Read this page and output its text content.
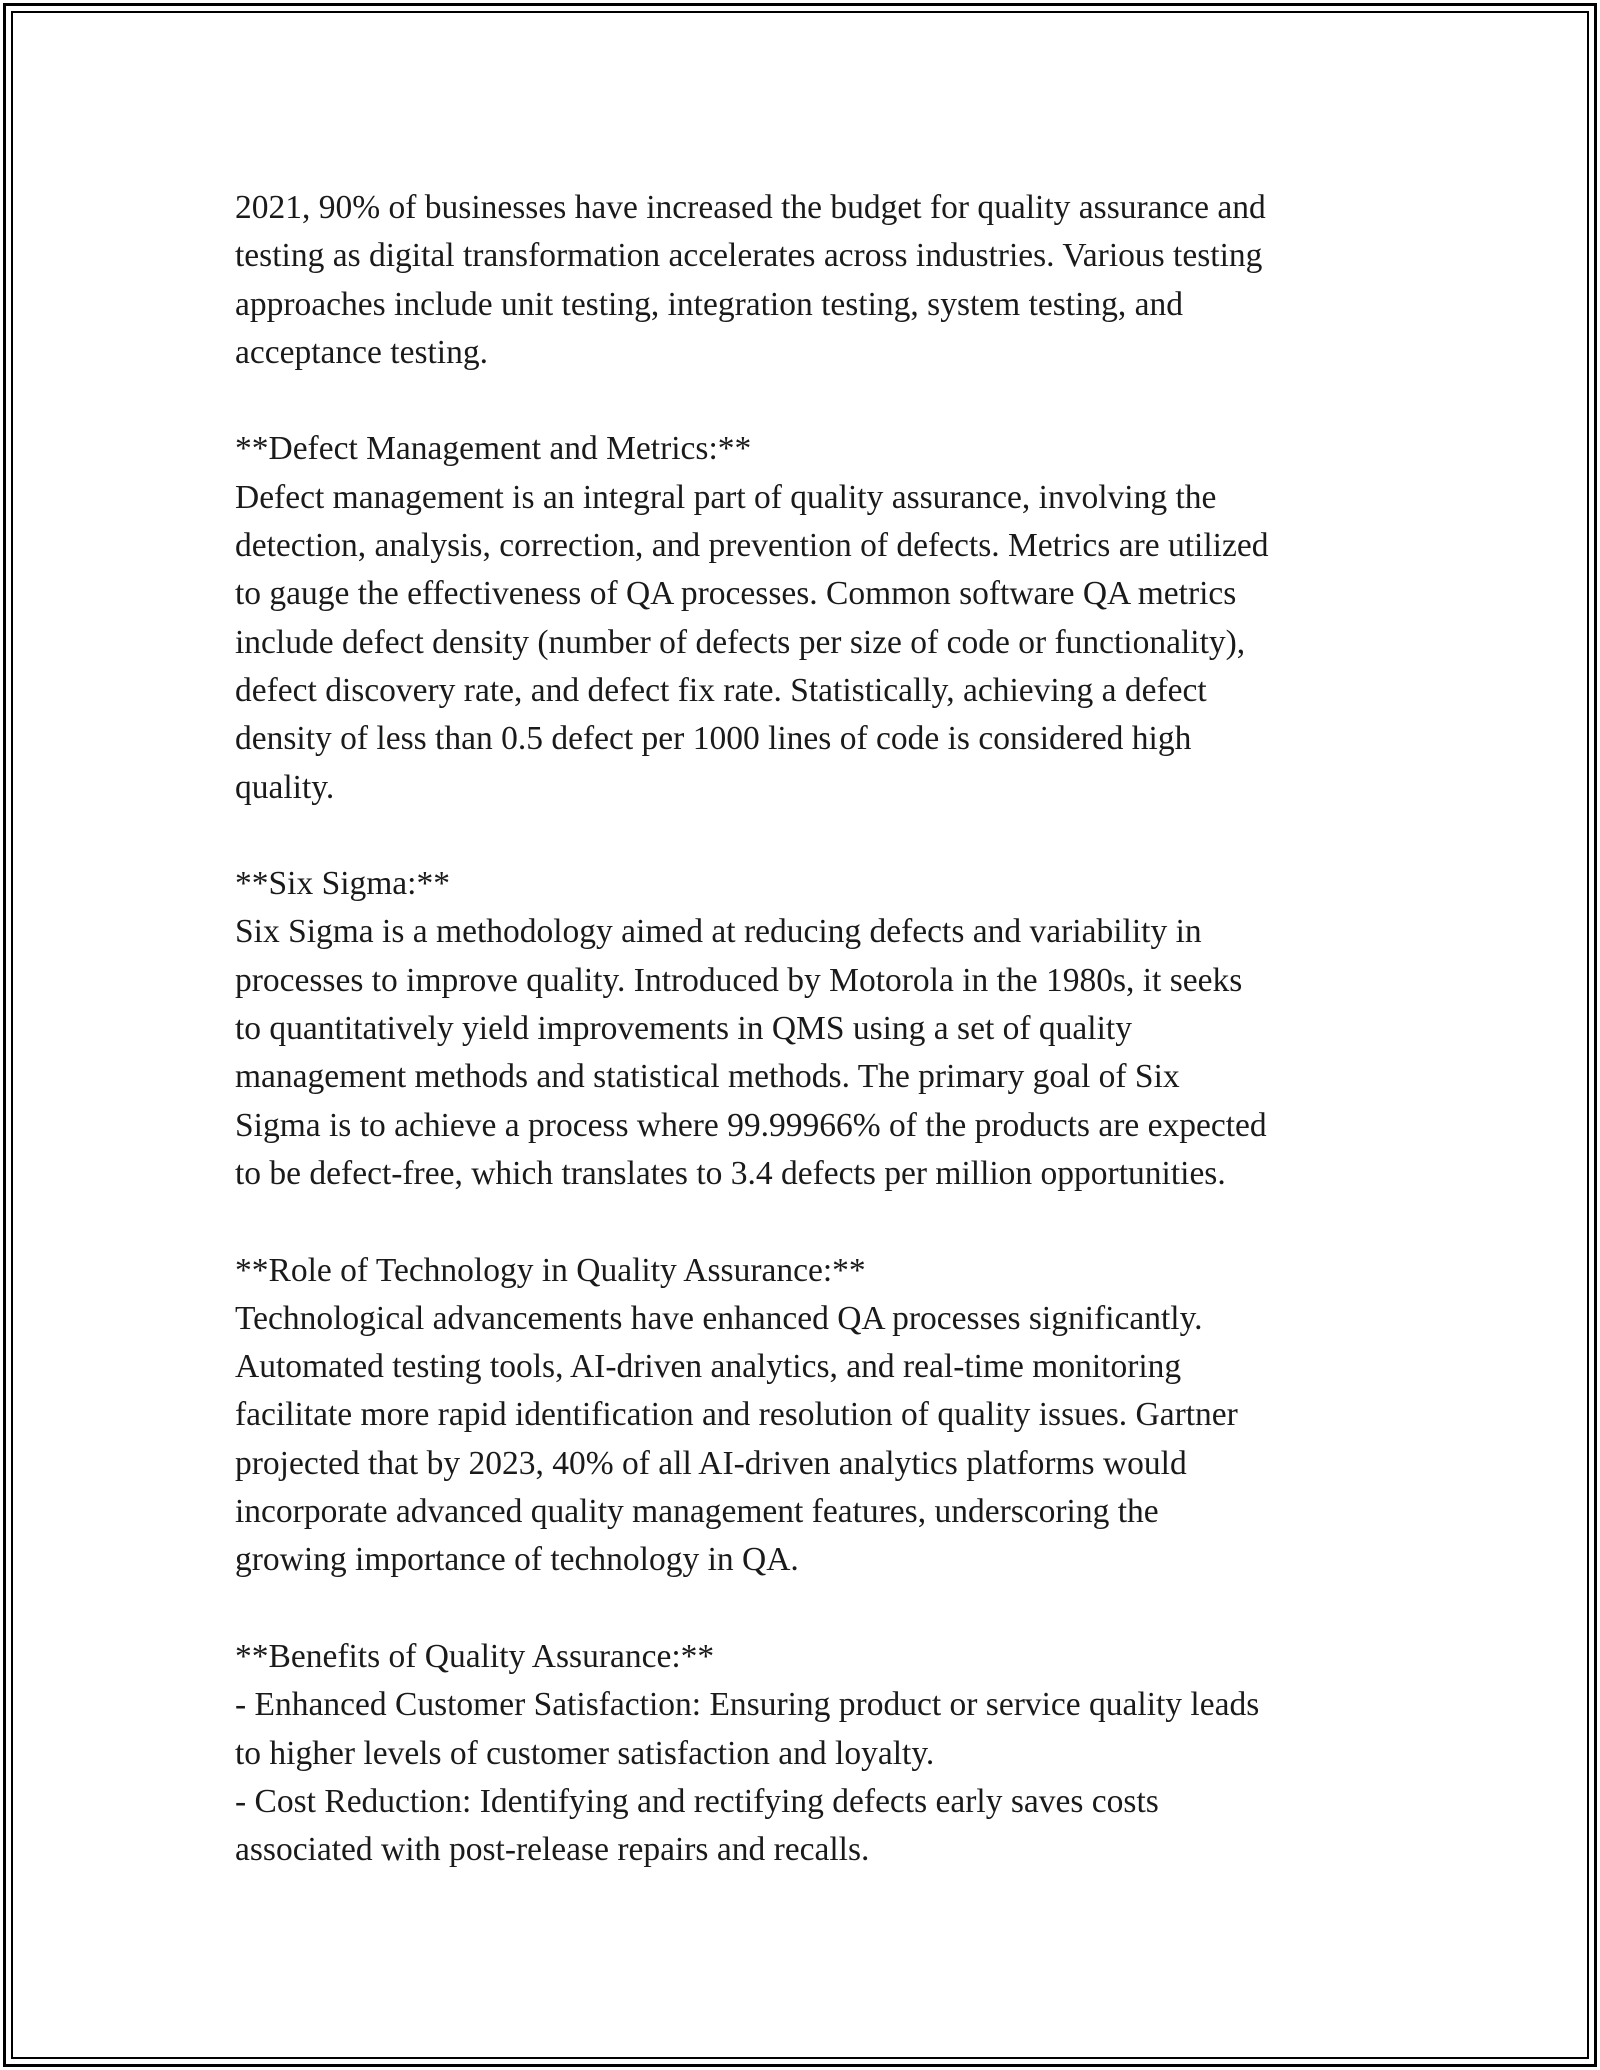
2021, 90% of businesses have increased the budget for quality assurance and
testing as digital transformation accelerates across industries. Various testing
approaches include unit testing, integration testing, system testing, and
acceptance testing.

**Defect Management and Metrics:**

Defect management is an integral part of quality assurance, involving the
detection, analysis, correction, and prevention of defects. Metrics are utilized
to gauge the effectiveness of QA processes. Common software QA metrics
include defect density (number of defects per size of code or functionality),
defect discovery rate, and defect fix rate. Statistically, achieving a defect
density of less than 0.5 defect per 1000 lines of code is considered high
quality.

**Six Sigma:**

Six Sigma is a methodology aimed at reducing defects and variability in
processes to improve quality. Introduced by Motorola in the 1980s, it seeks
to quantitatively yield improvements in QMS using a set of quality
management methods and statistical methods. The primary goal of Six
Sigma is to achieve a process where 99.99966% of the products are expected
to be defect-free, which translates to 3.4 defects per million opportunities.

**Role of Technology in Quality Assurance:**

Technological advancements have enhanced QA processes significantly.
Automated testing tools, AI-driven analytics, and real-time monitoring
facilitate more rapid identification and resolution of quality issues. Gartner
projected that by 2023, 40% of all AI-driven analytics platforms would
incorporate advanced quality management features, underscoring the
growing importance of technology in QA.

**Benefits of Quality Assurance:**

- Enhanced Customer Satisfaction: Ensuring product or service quality leads
to higher levels of customer satisfaction and loyalty.
- Cost Reduction: Identifying and rectifying defects early saves costs
associated with post-release repairs and recalls.
